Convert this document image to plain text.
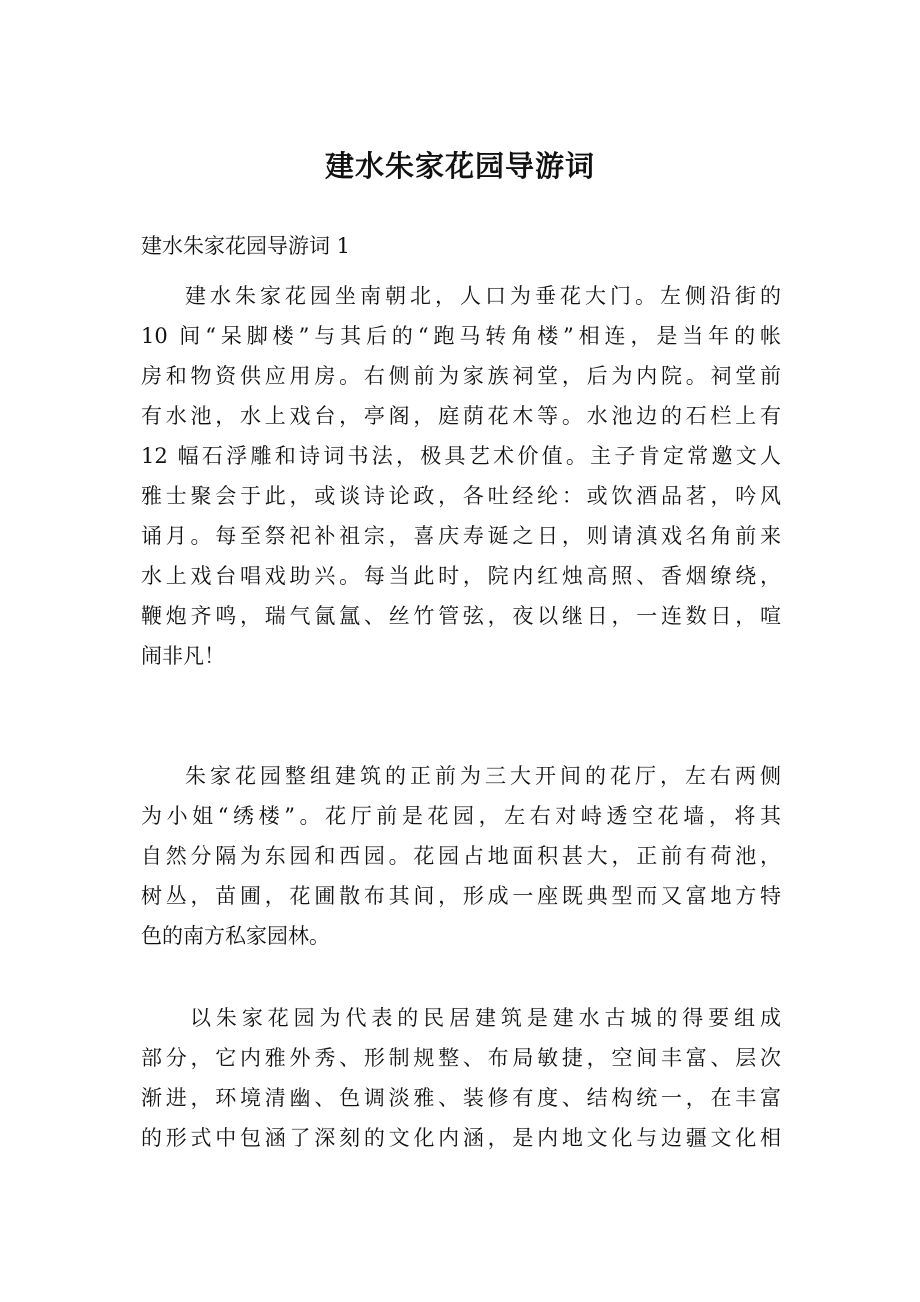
建水朱家花园导游词
建水朱家花园导游词 1
建水朱家花园坐南朝北，人口为垂花大门。左侧沿街的
10 间“呆脚楼”与其后的“跑马转角楼”相连，是当年的帐
房和物资供应用房。右侧前为家族祠堂，后为内院。祠堂前
有水池，水上戏台，亭阁，庭荫花木等。水池边的石栏上有
12 幅石浮雕和诗词书法，极具艺术价值。主子肯定常邀文人
雅士聚会于此，或谈诗论政，各吐经纶：或饮酒品茗，吟风
诵月。每至祭祀补祖宗，喜庆寿诞之日，则请滇戏名角前来
水上戏台唱戏助兴。每当此时，院内红烛高照、香烟缭绕，
鞭炮齐鸣，瑞气氤氲、丝竹管弦，夜以继日，一连数日，喧
闹非凡！
朱家花园整组建筑的正前为三大开间的花厅，左右两侧
为小姐“绣楼”。花厅前是花园，左右对峙透空花墙，将其
自然分隔为东园和西园。花园占地面积甚大，正前有荷池，
树丛，苗圃，花圃散布其间，形成一座既典型而又富地方特
色的南方私家园林。
以朱家花园为代表的民居建筑是建水古城的得要组成
部分，它内雅外秀、形制规整、布局敏捷，空间丰富、层次
渐进，环境清幽、色调淡雅、装修有度、结构统一，在丰富
的形式中包涵了深刻的文化内涵，是内地文化与边疆文化相
